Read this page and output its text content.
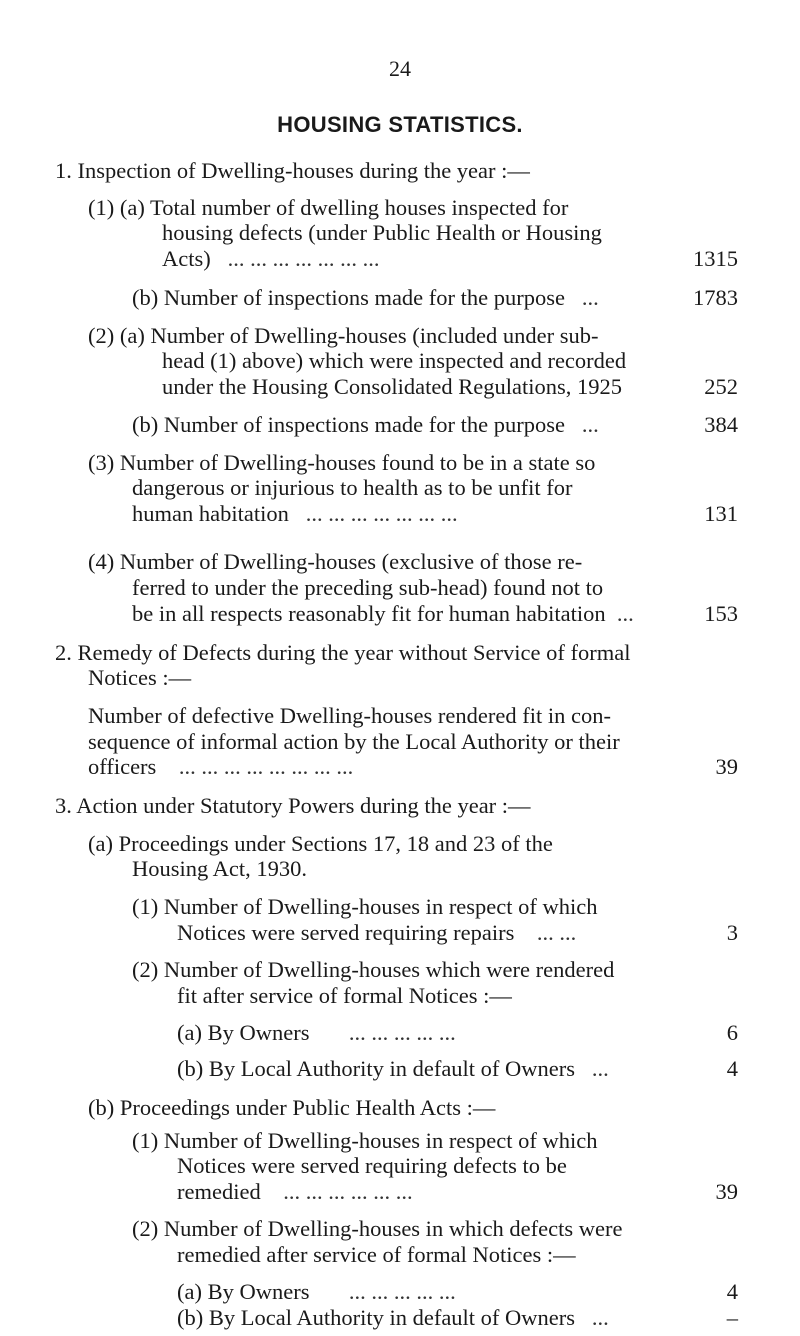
24
HOUSING STATISTICS.
1. Inspection of Dwelling-houses during the year :—
(1) (a) Total number of dwelling houses inspected for
housing defects (under Public Health or Housing
Acts) ... ... ... ... ... ... ...	1315
(b) Number of inspections made for the purpose ...	1783
(2) (a) Number of Dwelling-houses (included under sub-
head (1) above) which were inspected and recorded
under the Housing Consolidated Regulations, 1925	252
(b) Number of inspections made for the purpose ...	384
(3) Number of Dwelling-houses found to be in a state so
dangerous or injurious to health as to be unfit for
human habitation ... ... ... ... ... ... ...	131
(4) Number of Dwelling-houses (exclusive of those re-
ferred to under the preceding sub-head) found not to
be in all respects reasonably fit for human habitation ...	153
2. Remedy of Defects during the year without Service of formal
Notices :—
Number of defective Dwelling-houses rendered fit in con-
sequence of informal action by the Local Authority or their
officers ... ... ... ... ... ... ... ...	39
3. Action under Statutory Powers during the year :—
(a) Proceedings under Sections 17, 18 and 23 of the
Housing Act, 1930.
(1) Number of Dwelling-houses in respect of which
Notices were served requiring repairs ... ...	3
(2) Number of Dwelling-houses which were rendered
fit after service of formal Notices :—
(a) By Owners ... ... ... ... ...	6
(b) By Local Authority in default of Owners ...	4
(b) Proceedings under Public Health Acts :—
(1) Number of Dwelling-houses in respect of which
Notices were served requiring defects to be
remedied ... ... ... ... ... ...	39
(2) Number of Dwelling-houses in which defects were
remedied after service of formal Notices :—
(a) By Owners ... ... ... ... ...	4
(b) By Local Authority in default of Owners ...	–
